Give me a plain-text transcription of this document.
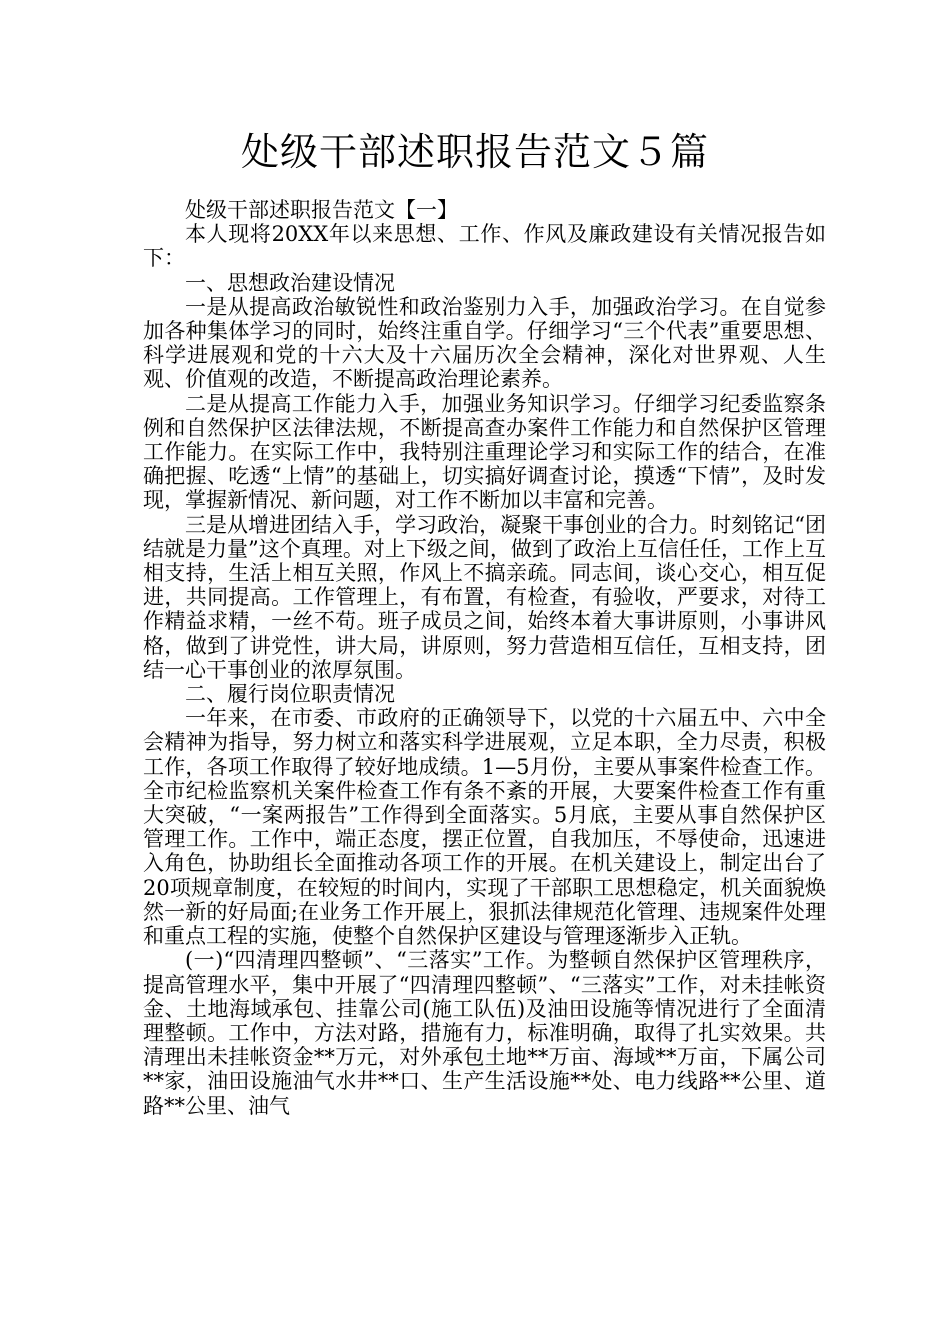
处级干部述职报告范文５篇

处级干部述职报告范文【一】

本人现将20XX年以来思想、工作、作风及廉政建设有关情况报告如下：

一、思想政治建设情况

一是从提高政治敏锐性和政治鉴别力入手，加强政治学习。在自觉参加各种集体学习的同时，始终注重自学。仔细学习“三个代表”重要思想、科学进展观和党的十六大及十六届历次全会精神，深化对世界观、人生观、价值观的改造，不断提高政治理论素养。

二是从提高工作能力入手，加强业务知识学习。仔细学习纪委监察条例和自然保护区法律法规，不断提高查办案件工作能力和自然保护区管理工作能力。在实际工作中，我特别注重理论学习和实际工作的结合，在准确把握、吃透“上情”的基础上，切实搞好调查讨论，摸透“下情”，及时发现，掌握新情况、新问题，对工作不断加以丰富和完善。

三是从增进团结入手，学习政治，凝聚干事创业的合力。时刻铭记“团结就是力量”这个真理。对上下级之间，做到了政治上互信任任，工作上互相支持，生活上相互关照，作风上不搞亲疏。同志间，谈心交心，相互促进，共同提高。工作管理上，有布置，有检查，有验收，严要求，对待工作精益求精，一丝不苟。班子成员之间，始终本着大事讲原则，小事讲风格，做到了讲党性，讲大局，讲原则，努力营造相互信任，互相支持，团结一心干事创业的浓厚氛围。

二、履行岗位职责情况

一年来，在市委、市政府的正确领导下，以党的十六届五中、六中全会精神为指导，努力树立和落实科学进展观，立足本职，全力尽责，积极工作，各项工作取得了较好地成绩。1—5月份，主要从事案件检查工作。全市纪检监察机关案件检查工作有条不紊的开展，大要案件检查工作有重大突破，“一案两报告”工作得到全面落实。5月底，主要从事自然保护区管理工作。工作中，端正态度，摆正位置，自我加压，不辱使命，迅速进入角色，协助组长全面推动各项工作的开展。在机关建设上，制定出台了20项规章制度，在较短的时间内，实现了干部职工思想稳定，机关面貌焕然一新的好局面;在业务工作开展上，狠抓法律规范化管理、违规案件处理和重点工程的实施，使整个自然保护区建设与管理逐渐步入正轨。

(一)“四清理四整顿”、“三落实”工作。为整顿自然保护区管理秩序，提高管理水平，集中开展了“四清理四整顿”、“三落实”工作，对未挂帐资金、土地海域承包、挂靠公司(施工队伍)及油田设施等情况进行了全面清理整顿。工作中，方法对路，措施有力，标准明确，取得了扎实效果。共清理出未挂帐资金**万元，对外承包土地**万亩、海域**万亩，下属公司**家，油田设施油气水井**口、生产生活设施**处、电力线路**公里、道路**公里、油气
